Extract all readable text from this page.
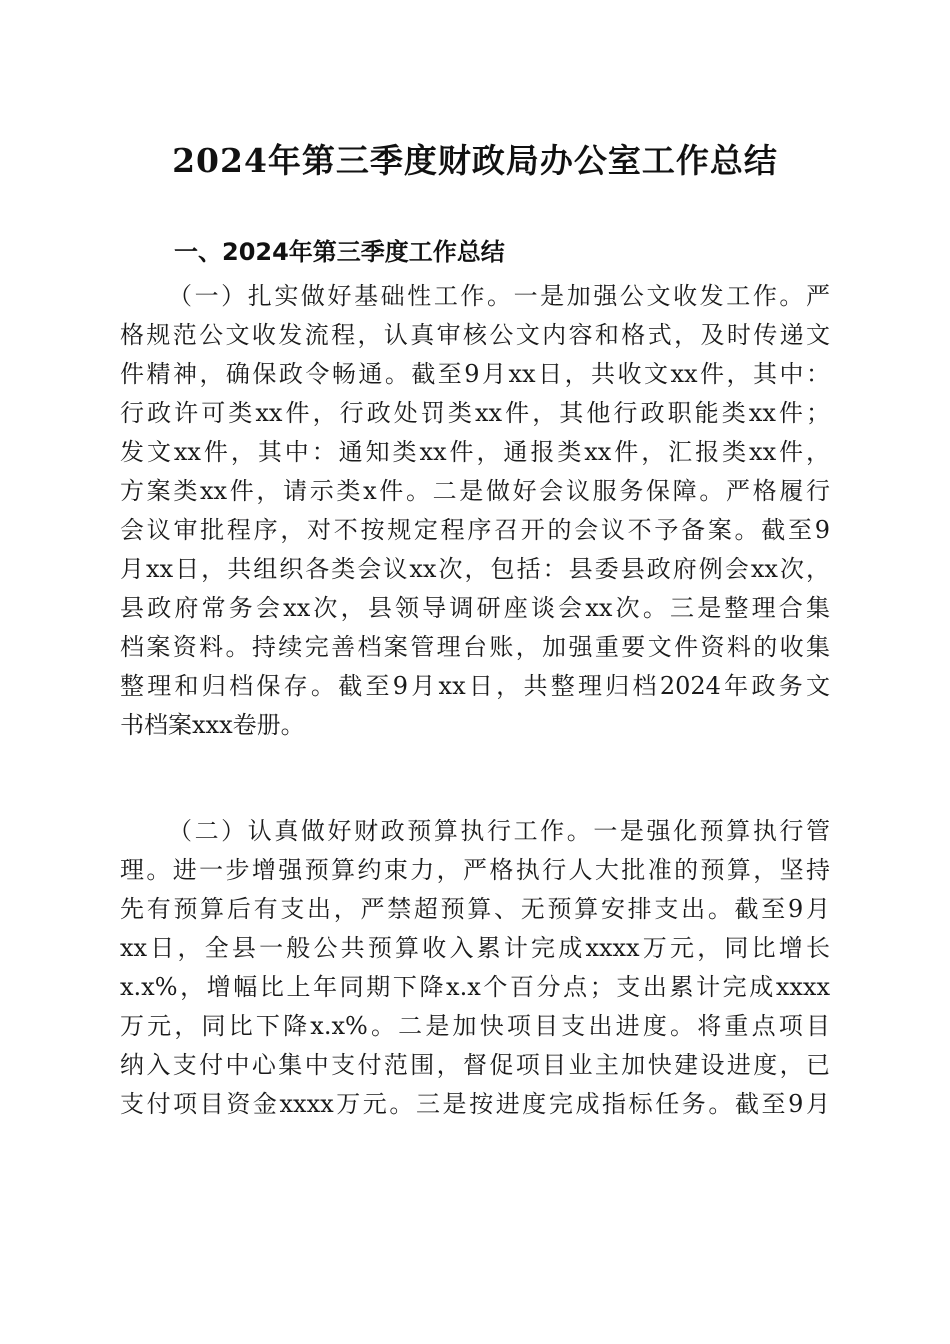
2024年第三季度财政局办公室工作总结
一、2024年第三季度工作总结
（一）扎实做好基础性工作。一是加强公文收发工作。严
格规范公文收发流程，认真审核公文内容和格式，及时传递文
件精神，确保政令畅通。截至9月xx日，共收文xx件，其中：
行政许可类xx件，行政处罚类xx件，其他行政职能类xx件；
发文xx件，其中：通知类xx件，通报类xx件，汇报类xx件，
方案类xx件，请示类x件。二是做好会议服务保障。严格履行
会议审批程序，对不按规定程序召开的会议不予备案。截至9
月xx日，共组织各类会议xx次，包括：县委县政府例会xx次，
县政府常务会xx次，县领导调研座谈会xx次。三是整理合集
档案资料。持续完善档案管理台账，加强重要文件资料的收集
整理和归档保存。截至9月xx日，共整理归档2024年政务文
书档案xxx卷册。
（二）认真做好财政预算执行工作。一是强化预算执行管
理。进一步增强预算约束力，严格执行人大批准的预算，坚持
先有预算后有支出，严禁超预算、无预算安排支出。截至9月
xx日，全县一般公共预算收入累计完成xxxx万元，同比增长
x.x%，增幅比上年同期下降x.x个百分点；支出累计完成xxxx
万元，同比下降x.x%。二是加快项目支出进度。将重点项目
纳入支付中心集中支付范围，督促项目业主加快建设进度，已
支付项目资金xxxx万元。三是按进度完成指标任务。截至9月
